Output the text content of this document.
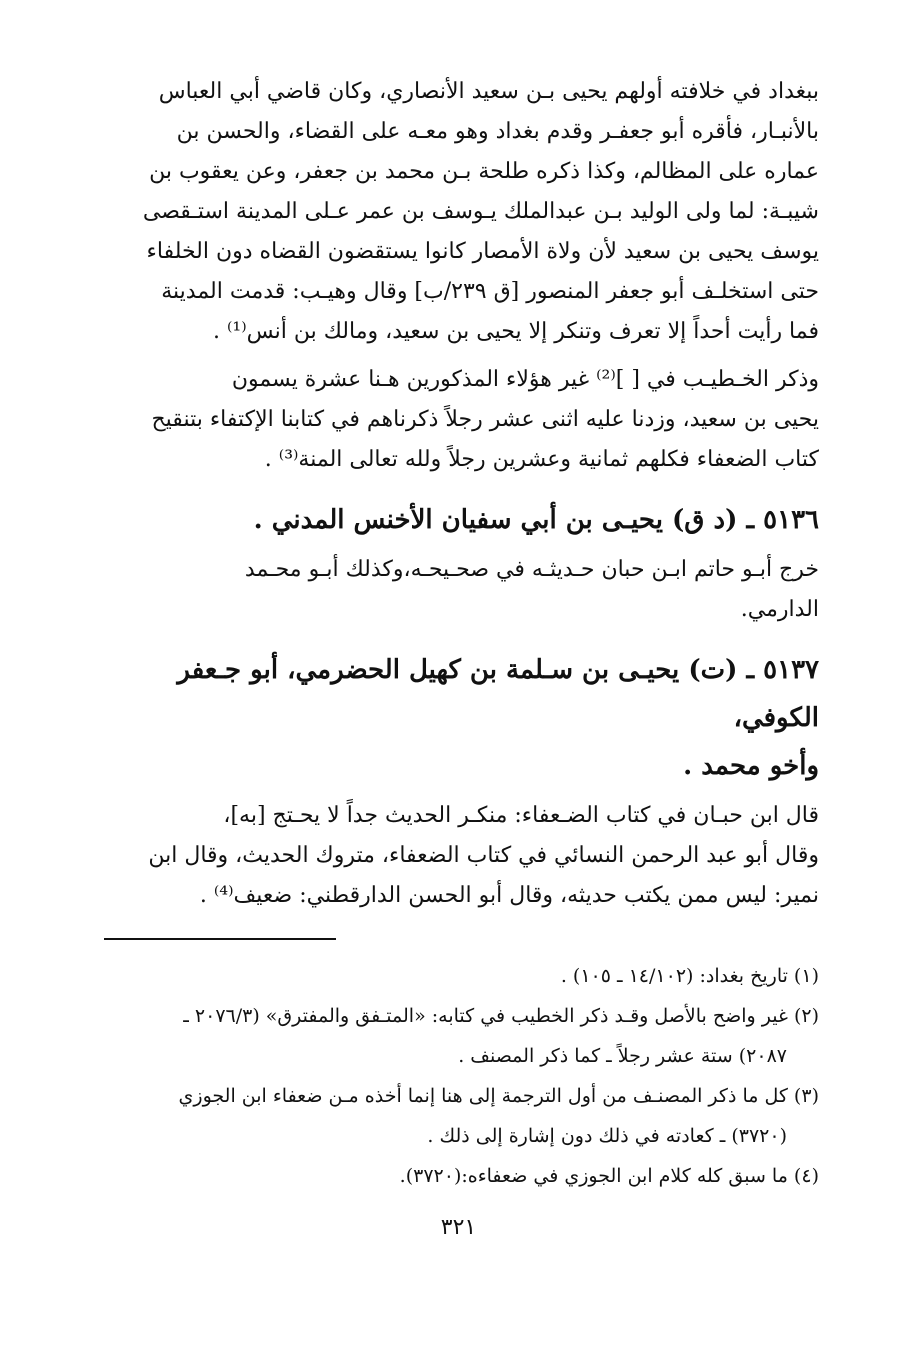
ببغداد في خلافته أولهم يحيى بـن سعيد الأنصاري، وكان قاضي أبي العباس
بالأنبـار، فأقره أبو جعفـر وقدم بغداد وهو معـه على القضاء، والحسن بن
عماره على المظالم، وكذا ذكره طلحة بـن محمد بن جعفر، وعن يعقوب بن
شيبـة: لما ولى الوليد بـن عبدالملك يـوسف بن عمر عـلى المدينة استـقصى
يوسف يحيى بن سعيد لأن ولاة الأمصار كانوا يستقضون القضاه دون الخلفاء
حتى استخلـف أبو جعفر المنصور [ق ٢٣٩/ب] وقال وهيـب: قدمت المدينة
فما رأيت أحداً إلا تعرف وتنكر إلا يحيى بن سعيد، ومالك بن أنس⁽¹⁾ .

وذكر الخـطيـب في [ ]⁽²⁾ غير هؤلاء المذكورين هـنا عشرة يسمون
يحيى بن سعيد، وزدنا عليه اثنى عشر رجلاً ذكرناهم في كتابنا الإكتفاء بتنقيح
كتاب الضعفاء فكلهم ثمانية وعشرين رجلاً ولله تعالى المنة⁽³⁾ .

٥١٣٦ ـ (د ق) يحيـى بن أبي سفيان الأخنس المدني .

خرج أبـو حاتم ابـن حبان حـديثـه في صحـيحـه،وكذلك أبـو محـمد
الدارمي.

٥١٣٧ ـ (ت) يحيـى بن سـلمة بن كهيل الحضرمي، أبو جـعفر الكوفي،
وأخو محمد .

قال ابن حبـان في كتاب الضـعفاء: منكـر الحديث جداً لا يحـتج [به]،
وقال أبو عبد الرحمن النسائي في كتاب الضعفاء، متروك الحديث، وقال ابن
نمير: ليس ممن يكتب حديثه، وقال أبو الحسن الدارقطني: ضعيف⁽⁴⁾ .

(١) تاريخ بغداد: (١٤/١٠٢ ـ ١٠٥) .

(٢) غير واضح بالأصل وقـد ذكر الخطيب في كتابه: «المتـفق والمفترق» (٢٠٧٦/٣ ـ

٢٠٨٧) ستة عشر رجلاً ـ كما ذكر المصنف .

(٣) كل ما ذكر المصنـف من أول الترجمة إلى هنا إنما أخذه مـن ضعفاء ابن الجوزي

(٣٧٢٠) ـ كعادته في ذلك دون إشارة إلى ذلك .

(٤) ما سبق كله كلام ابن الجوزي في ضعفاءه:(٣٧٢٠).

٣٢١
